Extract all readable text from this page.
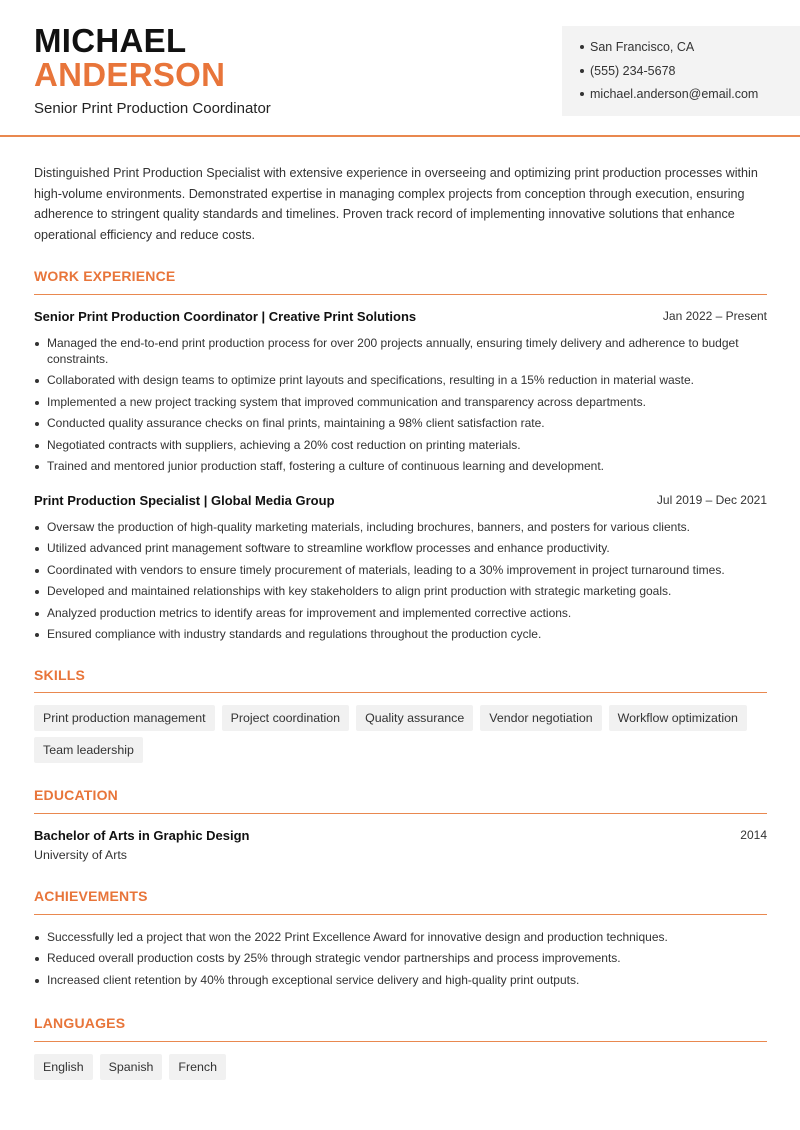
MICHAEL
ANDERSON
Senior Print Production Coordinator
San Francisco, CA
(555) 234-5678
michael.anderson@email.com

Distinguished Print Production Specialist with extensive experience in overseeing and optimizing print production processes within high-volume environments. Demonstrated expertise in managing complex projects from conception through execution, ensuring adherence to stringent quality standards and timelines. Proven track record of implementing innovative solutions that enhance operational efficiency and reduce costs.

WORK EXPERIENCE
Senior Print Production Coordinator | Creative Print Solutions	Jan 2022 – Present
Managed the end-to-end print production process for over 200 projects annually, ensuring timely delivery and adherence to budget constraints.
Collaborated with design teams to optimize print layouts and specifications, resulting in a 15% reduction in material waste.
Implemented a new project tracking system that improved communication and transparency across departments.
Conducted quality assurance checks on final prints, maintaining a 98% client satisfaction rate.
Negotiated contracts with suppliers, achieving a 20% cost reduction on printing materials.
Trained and mentored junior production staff, fostering a culture of continuous learning and development.
Print Production Specialist | Global Media Group	Jul 2019 – Dec 2021
Oversaw the production of high-quality marketing materials, including brochures, banners, and posters for various clients.
Utilized advanced print management software to streamline workflow processes and enhance productivity.
Coordinated with vendors to ensure timely procurement of materials, leading to a 30% improvement in project turnaround times.
Developed and maintained relationships with key stakeholders to align print production with strategic marketing goals.
Analyzed production metrics to identify areas for improvement and implemented corrective actions.
Ensured compliance with industry standards and regulations throughout the production cycle.
SKILLS
Print production management	Project coordination	Quality assurance	Vendor negotiation	Workflow optimization
Team leadership
EDUCATION
Bachelor of Arts in Graphic Design	2014
University of Arts
ACHIEVEMENTS
Successfully led a project that won the 2022 Print Excellence Award for innovative design and production techniques.
Reduced overall production costs by 25% through strategic vendor partnerships and process improvements.
Increased client retention by 40% through exceptional service delivery and high-quality print outputs.
LANGUAGES
English	Spanish	French
